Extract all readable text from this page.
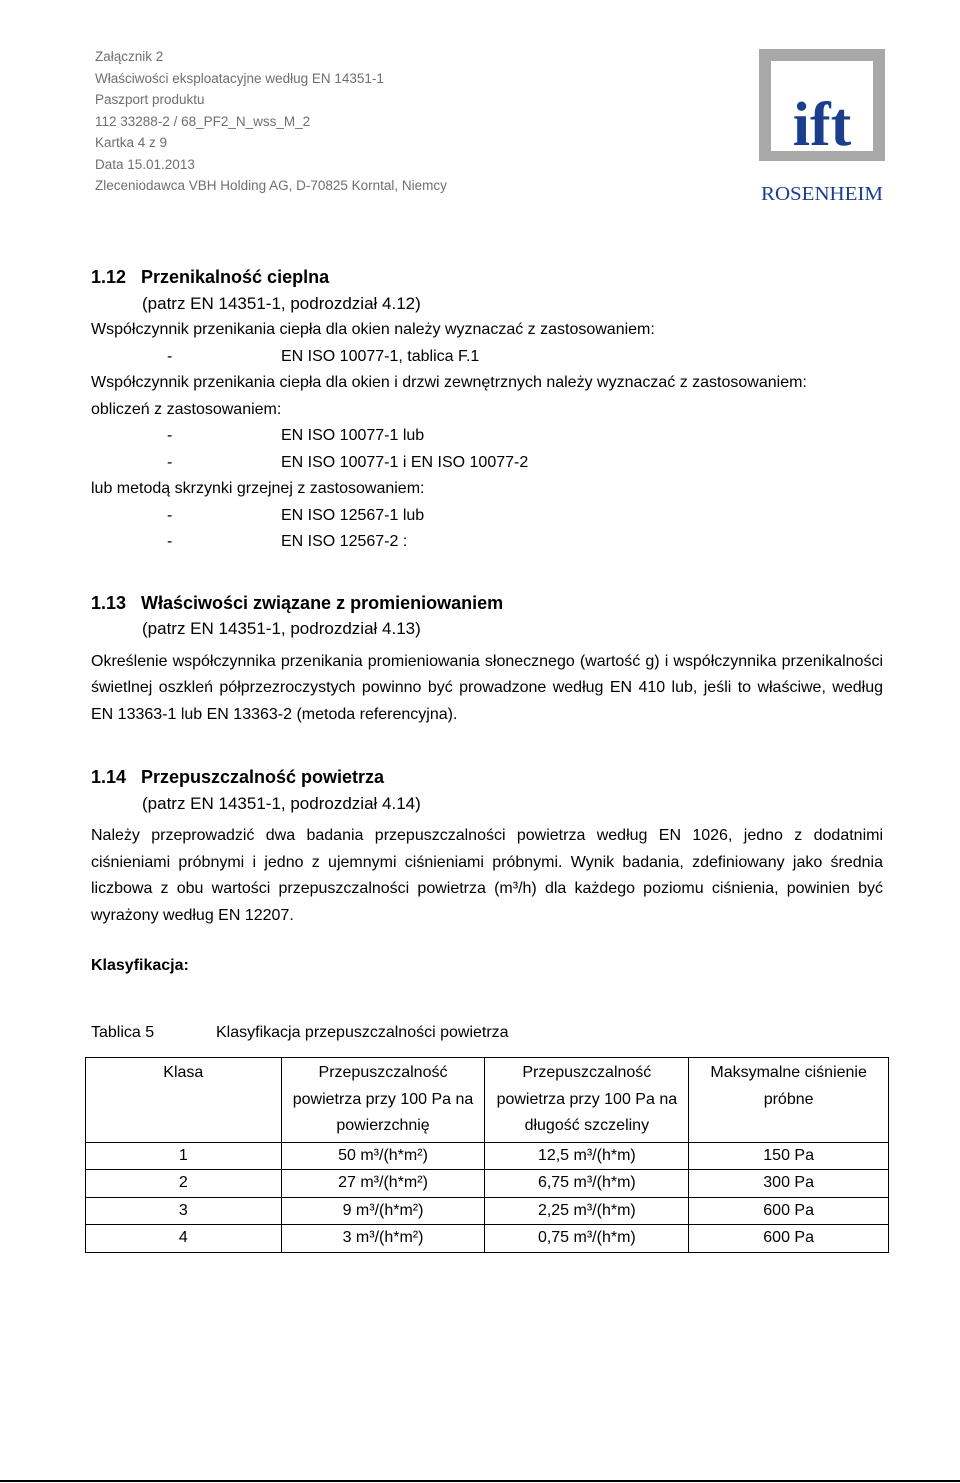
Załącznik 2
Właściwości eksploatacyjne według EN 14351-1
Paszport produktu
112 33288-2 / 68_PF2_N_wss_M_2
Kartka 4 z 9
Data 15.01.2013
Zleceniodawca VBH Holding AG, D-70825 Korntal, Niemcy
ift
ROSENHEIM
1.12 Przenikalność cieplna
(patrz EN 14351-1, podrozdział 4.12)
Współczynnik przenikania ciepła dla okien należy wyznaczać z zastosowaniem:
-	EN ISO 10077-1, tablica F.1
Współczynnik przenikania ciepła dla okien i drzwi zewnętrznych należy wyznaczać z zastosowaniem:
obliczeń z zastosowaniem:
-	EN ISO 10077-1 lub
-	EN ISO 10077-1 i EN ISO 10077-2
lub metodą skrzynki grzejnej z zastosowaniem:
-	EN ISO 12567-1 lub
-	EN ISO 12567-2 :
1.13 Właściwości związane z promieniowaniem
(patrz EN 14351-1, podrozdział 4.13)
Określenie współczynnika przenikania promieniowania słonecznego (wartość g) i współczynnika przenikalności świetlnej oszkleń półprzezroczystych powinno być prowadzone według EN 410 lub, jeśli to właściwe, według EN 13363-1 lub EN 13363-2 (metoda referencyjna).
1.14 Przepuszczalność powietrza
(patrz EN 14351-1, podrozdział 4.14)
Należy przeprowadzić dwa badania przepuszczalności powietrza według EN 1026, jedno z dodatnimi ciśnieniami próbnymi i jedno z ujemnymi ciśnieniami próbnymi. Wynik badania, zdefiniowany jako średnia liczbowa z obu wartości przepuszczalności powietrza (m³/h) dla każdego poziomu ciśnienia, powinien być wyrażony według EN 12207.
Klasyfikacja:
Tablica 5	Klasyfikacja przepuszczalności powietrza
Klasa	Przepuszczalność powietrza przy 100 Pa na powierzchnię	Przepuszczalność powietrza przy 100 Pa na długość szczeliny	Maksymalne ciśnienie próbne
1	50 m³/(h*m²)	12,5 m³/(h*m)	150 Pa
2	27 m³/(h*m²)	6,75 m³/(h*m)	300 Pa
3	9 m³/(h*m²)	2,25 m³/(h*m)	600 Pa
4	3 m³/(h*m²)	0,75 m³/(h*m)	600 Pa
